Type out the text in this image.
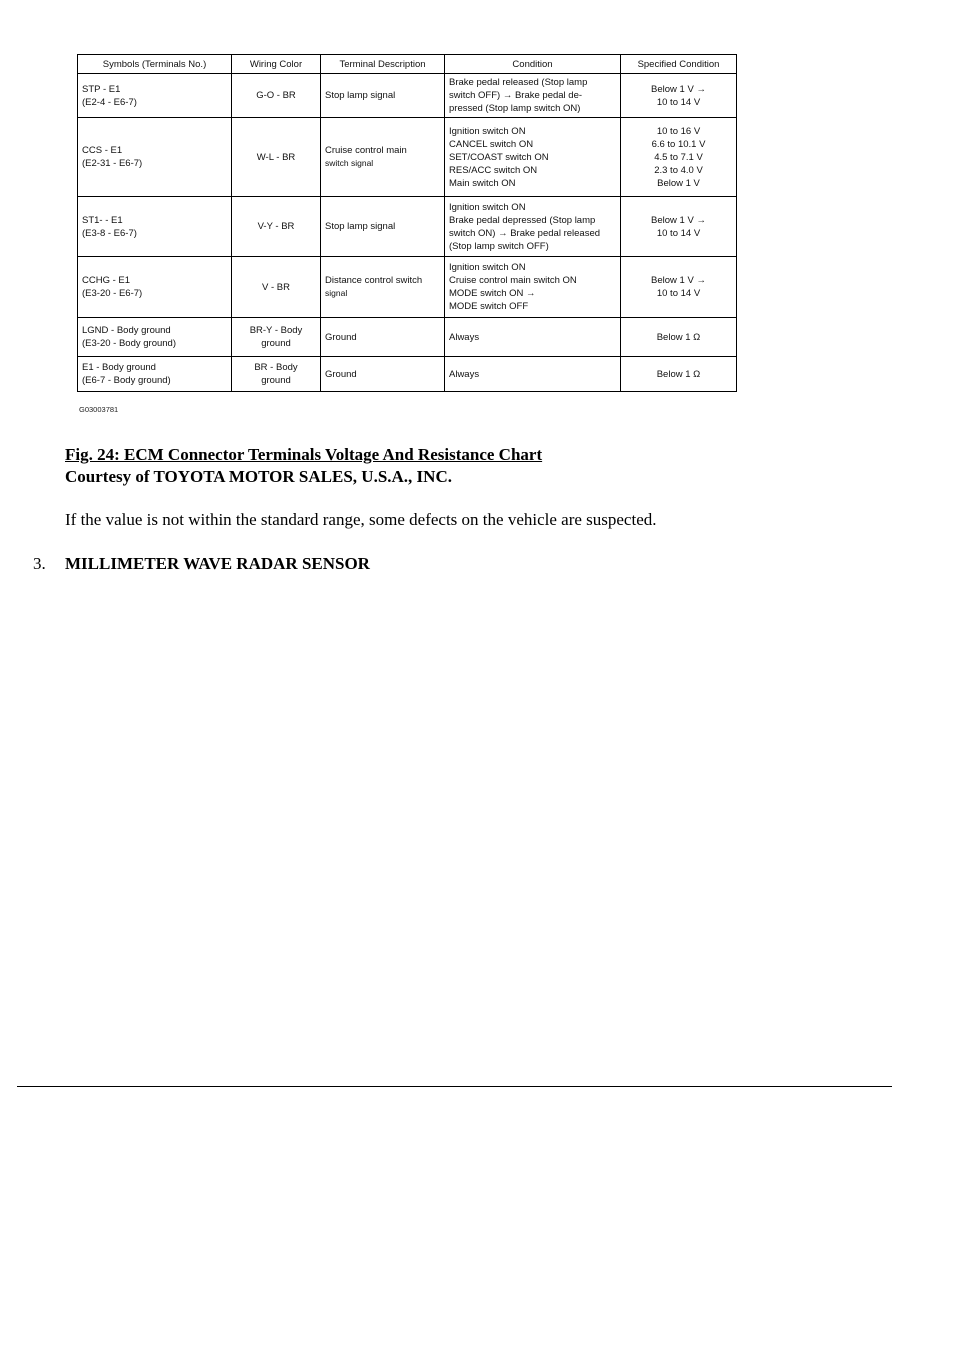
Symbols (Terminals No.)	Wiring Color	Terminal Description	Condition	Specified Condition

STP - E1
(E2-4 - E6-7)	G-O - BR	Stop lamp signal	Brake pedal released (Stop lamp
switch OFF) → Brake pedal de-
pressed (Stop lamp switch ON)	Below 1 V →
10 to 14 V

CCS - E1
(E2-31 - E6-7)	W-L - BR	Cruise control main
switch signal	Ignition switch ON
CANCEL switch ON
SET/COAST switch ON
RES/ACC switch ON
Main switch ON	10 to 16 V
6.6 to 10.1 V
4.5 to 7.1 V
2.3 to 4.0 V
Below 1 V

ST1- - E1
(E3-8 - E6-7)	V-Y - BR	Stop lamp signal	Ignition switch ON
Brake pedal depressed (Stop lamp
switch ON) → Brake pedal released
(Stop lamp switch OFF)	Below 1 V →
10 to 14 V

CCHG - E1
(E3-20 - E6-7)	V - BR	Distance control switch
signal	Ignition switch ON
Cruise control main switch ON
MODE switch ON →
MODE switch OFF	Below 1 V →
10 to 14 V

LGND - Body ground
(E3-20 - Body ground)	BR-Y - Body
ground	Ground	Always	Below 1 Ω

E1 - Body ground
(E6-7 - Body ground)	BR - Body
ground	Ground	Always	Below 1 Ω
G03003781
Fig. 24: ECM Connector Terminals Voltage And Resistance Chart
Courtesy of TOYOTA MOTOR SALES, U.S.A., INC.
If the value is not within the standard range, some defects on the vehicle are suspected.
3. MILLIMETER WAVE RADAR SENSOR
